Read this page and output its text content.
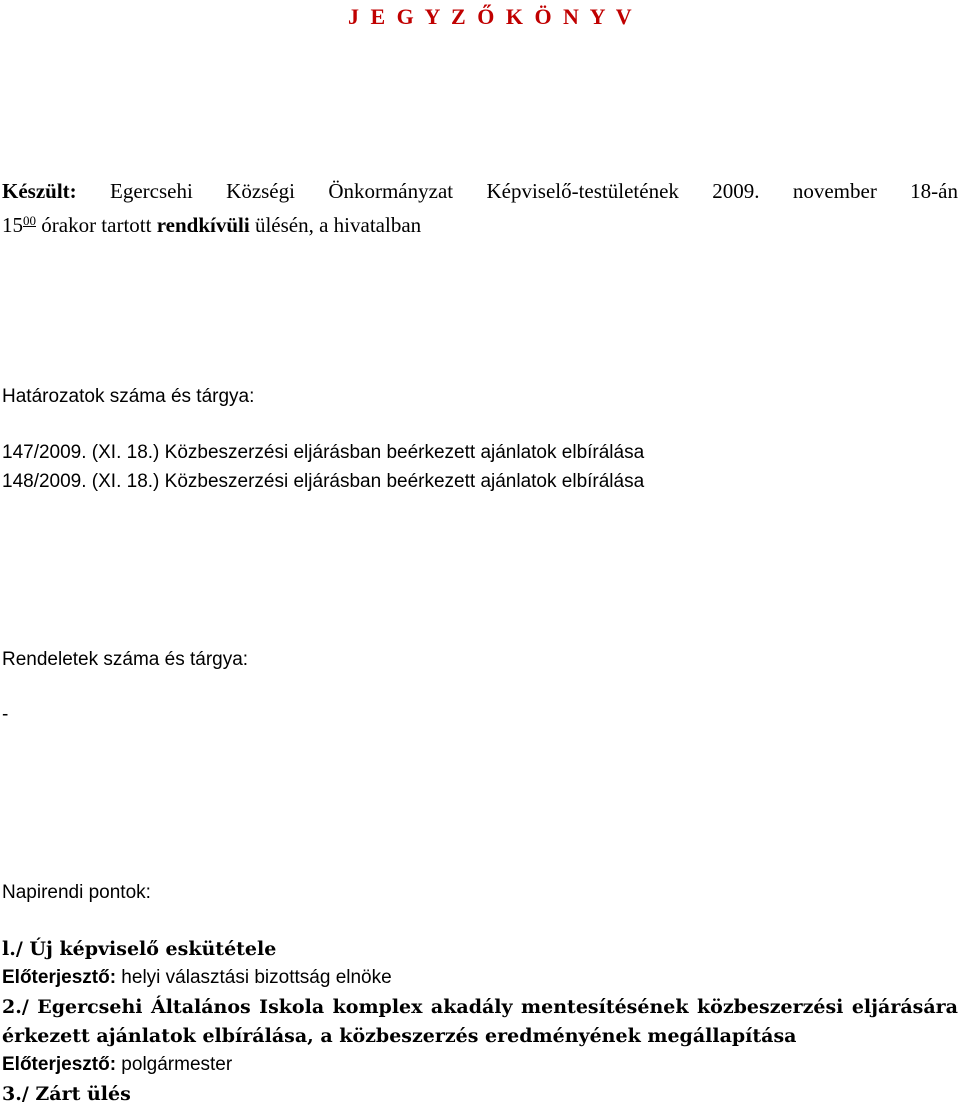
J E G Y Z Ő K Ö N Y V
Készült: Egercsehi Községi Önkormányzat Képviselő-testületének 2009. november 18-án
$15^{00}$ órakor tartott rendkívüli ülésén, a hivatalban
Határozatok száma és tárgya:
147/2009. (XI. 18.) Közbeszerzési eljárásban beérkezett ajánlatok elbírálása
148/2009. (XI. 18.) Közbeszerzési eljárásban beérkezett ajánlatok elbírálása
Rendeletek száma és tárgya:
-
Napirendi pontok:
l./ Új képviselő eskütétele
Előterjesztő: helyi választási bizottság elnöke
2./ Egercsehi Általános Iskola komplex akadály mentesítésének közbeszerzési eljárására
érkezett ajánlatok elbírálása, a közbeszerzés eredményének megállapítása
Előterjesztő: polgármester
3./ Zárt ülés
